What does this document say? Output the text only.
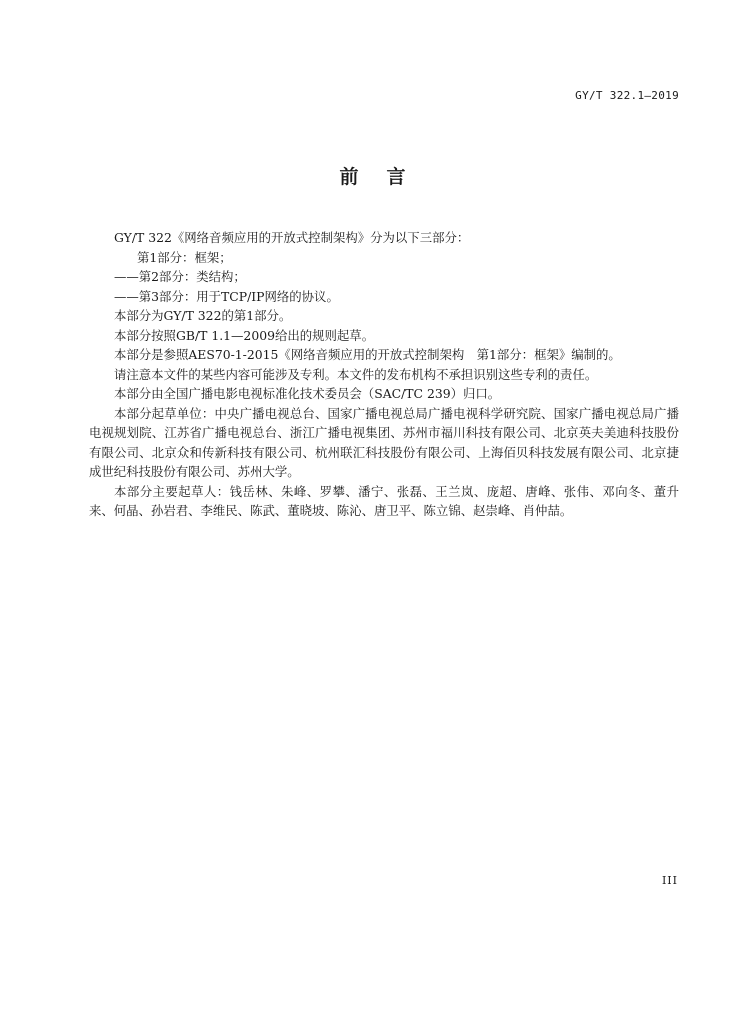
GY/T 322.1—2019
前言

GY/T 322《网络音频应用的开放式控制架构》分为以下三部分：

第1部分：框架；

——第2部分：类结构；

——第3部分：用于TCP/IP网络的协议。

本部分为GY/T 322的第1部分。

本部分按照GB/T 1.1—2009给出的规则起草。

本部分是参照AES70-1-2015《网络音频应用的开放式控制架构　第1部分：框架》编制的。

请注意本文件的某些内容可能涉及专利。本文件的发布机构不承担识别这些专利的责任。

本部分由全国广播电影电视标准化技术委员会（SAC/TC 239）归口。

本部分起草单位：中央广播电视总台、国家广播电视总局广播电视科学研究院、国家广播电视总局广播电视规划院、江苏省广播电视总台、浙江广播电视集团、苏州市福川科技有限公司、北京英夫美迪科技股份有限公司、北京众和传新科技有限公司、杭州联汇科技股份有限公司、上海佰贝科技发展有限公司、北京捷成世纪科技股份有限公司、苏州大学。

本部分主要起草人：钱岳林、朱峰、罗攀、潘宁、张磊、王兰岚、庞超、唐峰、张伟、邓向冬、董升来、何晶、孙岩君、李维民、陈武、董晓坡、陈沁、唐卫平、陈立锦、赵崇峰、肖仲喆。

III
